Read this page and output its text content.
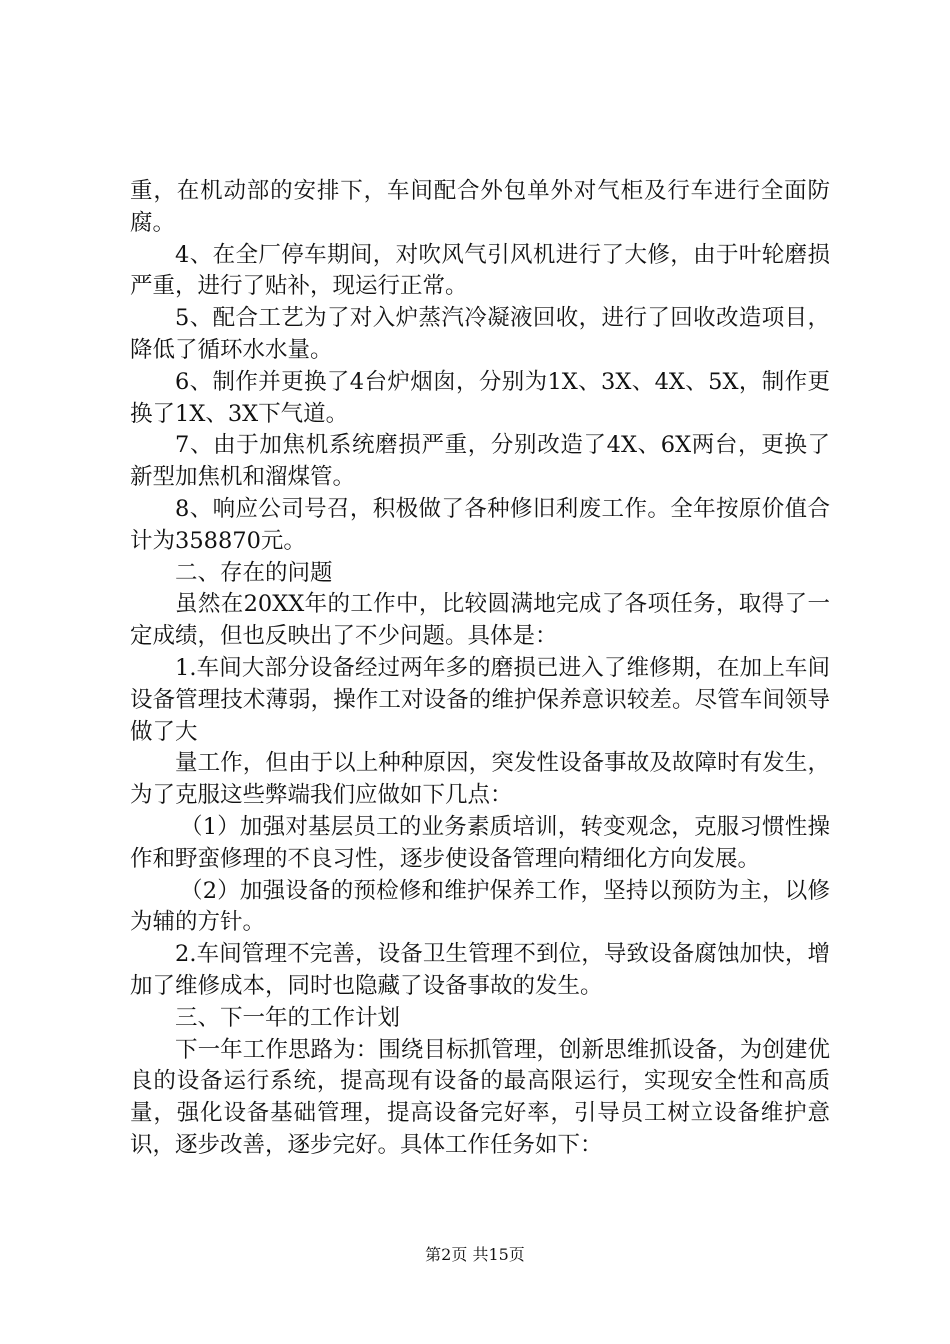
重，在机动部的安排下，车间配合外包单外对气柜及行车进行全面防腐。

4、在全厂停车期间，对吹风气引风机进行了大修，由于叶轮磨损严重，进行了贴补，现运行正常。

5、配合工艺为了对入炉蒸汽冷凝液回收，进行了回收改造项目，降低了循环水水量。

6、制作并更换了4台炉烟囱，分别为1X、3X、4X、5X，制作更换了1X、3X下气道。

7、由于加焦机系统磨损严重，分别改造了4X、6X两台，更换了新型加焦机和溜煤管。

8、响应公司号召，积极做了各种修旧利废工作。全年按原价值合计为358870元。

二、存在的问题

虽然在20XX年的工作中，比较圆满地完成了各项任务，取得了一定成绩，但也反映出了不少问题。具体是：

1.车间大部分设备经过两年多的磨损已进入了维修期，在加上车间设备管理技术薄弱，操作工对设备的维护保养意识较差。尽管车间领导做了大

量工作，但由于以上种种原因，突发性设备事故及故障时有发生，为了克服这些弊端我们应做如下几点：

（1）加强对基层员工的业务素质培训，转变观念，克服习惯性操作和野蛮修理的不良习性，逐步使设备管理向精细化方向发展。

（2）加强设备的预检修和维护保养工作，坚持以预防为主，以修为辅的方针。

2.车间管理不完善，设备卫生管理不到位，导致设备腐蚀加快，增加了维修成本，同时也隐藏了设备事故的发生。

三、下一年的工作计划

下一年工作思路为：围绕目标抓管理，创新思维抓设备，为创建优良的设备运行系统，提高现有设备的最高限运行，实现安全性和高质量，强化设备基础管理，提高设备完好率，引导员工树立设备维护意识，逐步改善，逐步完好。具体工作任务如下：

第2页 共15页
